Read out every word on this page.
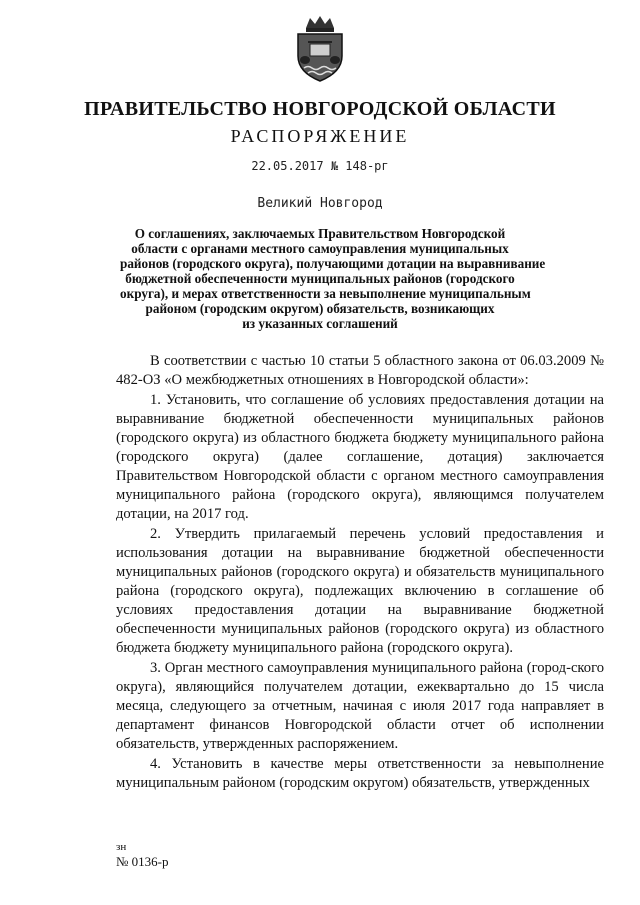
ПРАВИТЕЛЬСТВО НОВГОРОДСКОЙ ОБЛАСТИ
РАСПОРЯЖЕНИЕ
22.05.2017 № 148-рг
Великий Новгород
О соглашениях, заключаемых Правительством Новгородской
области с органами местного самоуправления муниципальных
районов (городского округа), получающими дотации на выравнивание
бюджетной обеспеченности муниципальных районов (городского
округа), и мерах ответственности за невыполнение муниципальным
районом (городским округом) обязательств, возникающих
из указанных соглашений

В соответствии с частью 10 статьи 5 областного закона от 06.03.2009 № 482-ОЗ «О межбюджетных отношениях в Новгородской области»:

1. Установить, что соглашение об условиях предоставления дотации на выравнивание бюджетной обеспеченности муниципальных районов (городского округа) из областного бюджета бюджету муниципального района (городского округа) (далее соглашение, дотация) заключается Правительством Новгородской области с органом местного самоуправления муниципального района (городского округа), являющимся получателем дотации, на 2017 год.

2. Утвердить прилагаемый перечень условий предоставления и использования дотации на выравнивание бюджетной обеспеченности муниципальных районов (городского округа) и обязательств муниципального района (городского округа), подлежащих включению в соглашение об условиях предоставления дотации на выравнивание бюджетной обеспеченности муниципальных районов (городского округа) из областного бюджета бюджету муниципального района (городского округа).

3. Орган местного самоуправления муниципального района (город-ского округа), являющийся получателем дотации, ежеквартально до 15 числа месяца, следующего за отчетным, начиная с июля 2017 года направляет в департамент финансов Новгородской области отчет об исполнении обязательств, утвержденных распоряжением.

4. Установить в качестве меры ответственности за невыполнение муниципальным районом (городским округом) обязательств, утвержденных

зн
№ 0136-р
